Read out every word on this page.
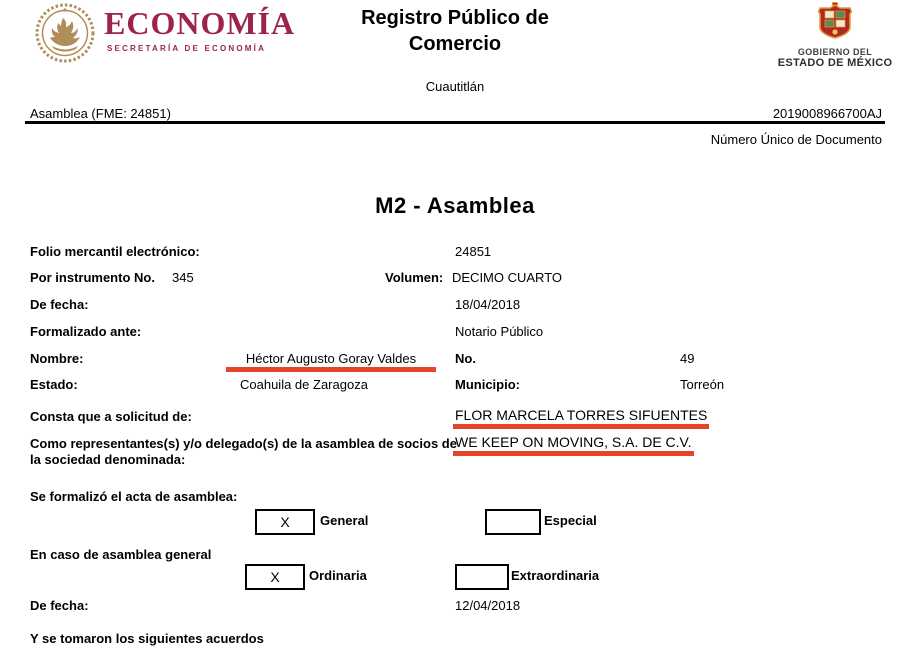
ECONOMÍA
SECRETARÍA DE ECONOMÍA
Registro Público de
Comercio
Cuautitlán
GOBIERNO DEL
ESTADO DE MÉXICO
Asamblea (FME: 24851)	2019008966700AJ
Número Único de Documento
M2 - Asamblea
Folio mercantil electrónico:	24851
Por instrumento No. 345	Volumen: DECIMO CUARTO
De fecha:	18/04/2018
Formalizado ante:	Notario Público
Nombre:	Héctor Augusto Goray Valdes	No.	49
Estado:	Coahuila de Zaragoza	Municipio:	Torreón
Consta que a solicitud de:	FLOR MARCELA TORRES SIFUENTES
Como representantes(s) y/o delegado(s) de la asamblea de socios de la sociedad denominada:
WE KEEP ON MOVING, S.A. DE C.V.
Se formalizó el acta de asamblea:
X	General	Especial
En caso de asamblea general
X	Ordinaria	Extraordinaria
De fecha:	12/04/2018
Y se tomaron los siguientes acuerdos
